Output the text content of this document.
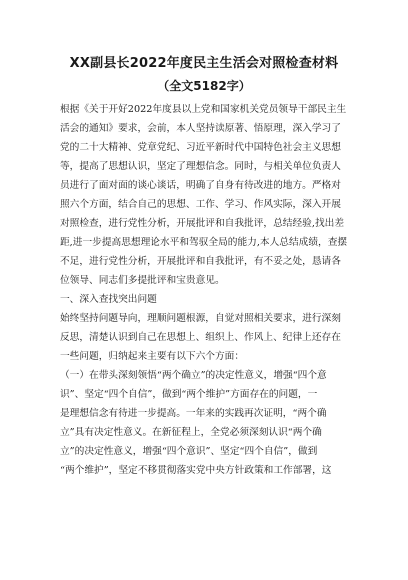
XX副县长2022年度民主生活会对照检查材料
（全文5182字）
根据《关于开好2022年度县以上党和国家机关党员领导干部民主生
活会的通知》要求，会前，本人坚持读原著、悟原理，深入学习了
党的二十大精神、党章党纪、习近平新时代中国特色社会主义思想
等，提高了思想认识，坚定了理想信念。同时，与相关单位负责人
员进行了面对面的谈心谈话，明确了自身有待改进的地方。严格对
照六个方面，结合自己的思想、工作、学习、作风实际，深入开展
对照检查，进行党性分析，开展批评和自我批评，总结经验,找出差
距,进一步提高思想理论水平和驾驭全局的能力,本人总结成绩，查摆
不足，进行党性分析，开展批评和自我批评，有不妥之处，恳请各
位领导、同志们多提批评和宝贵意见。
一、深入查找突出问题
始终坚持问题导向，理顺问题根源，自觉对照相关要求，进行深刻
反思，清楚认识到自己在思想上、组织上、作风上、纪律上还存在
一些问题，归纳起来主要有以下六个方面：
（一）在带头深刻领悟“两个确立”的决定性意义，增强“四个意
识”、坚定“四个自信”，做到“两个维护”方面存在的问题，一
是理想信念有待进一步提高。一年来的实践再次证明，“两个确
立”具有决定性意义。在新征程上，全党必须深刻认识“两个确
立”的决定性意义，增强“四个意识”、坚定“四个自信”，做到
“两个维护”，坚定不移贯彻落实党中央方针政策和工作部署，这
